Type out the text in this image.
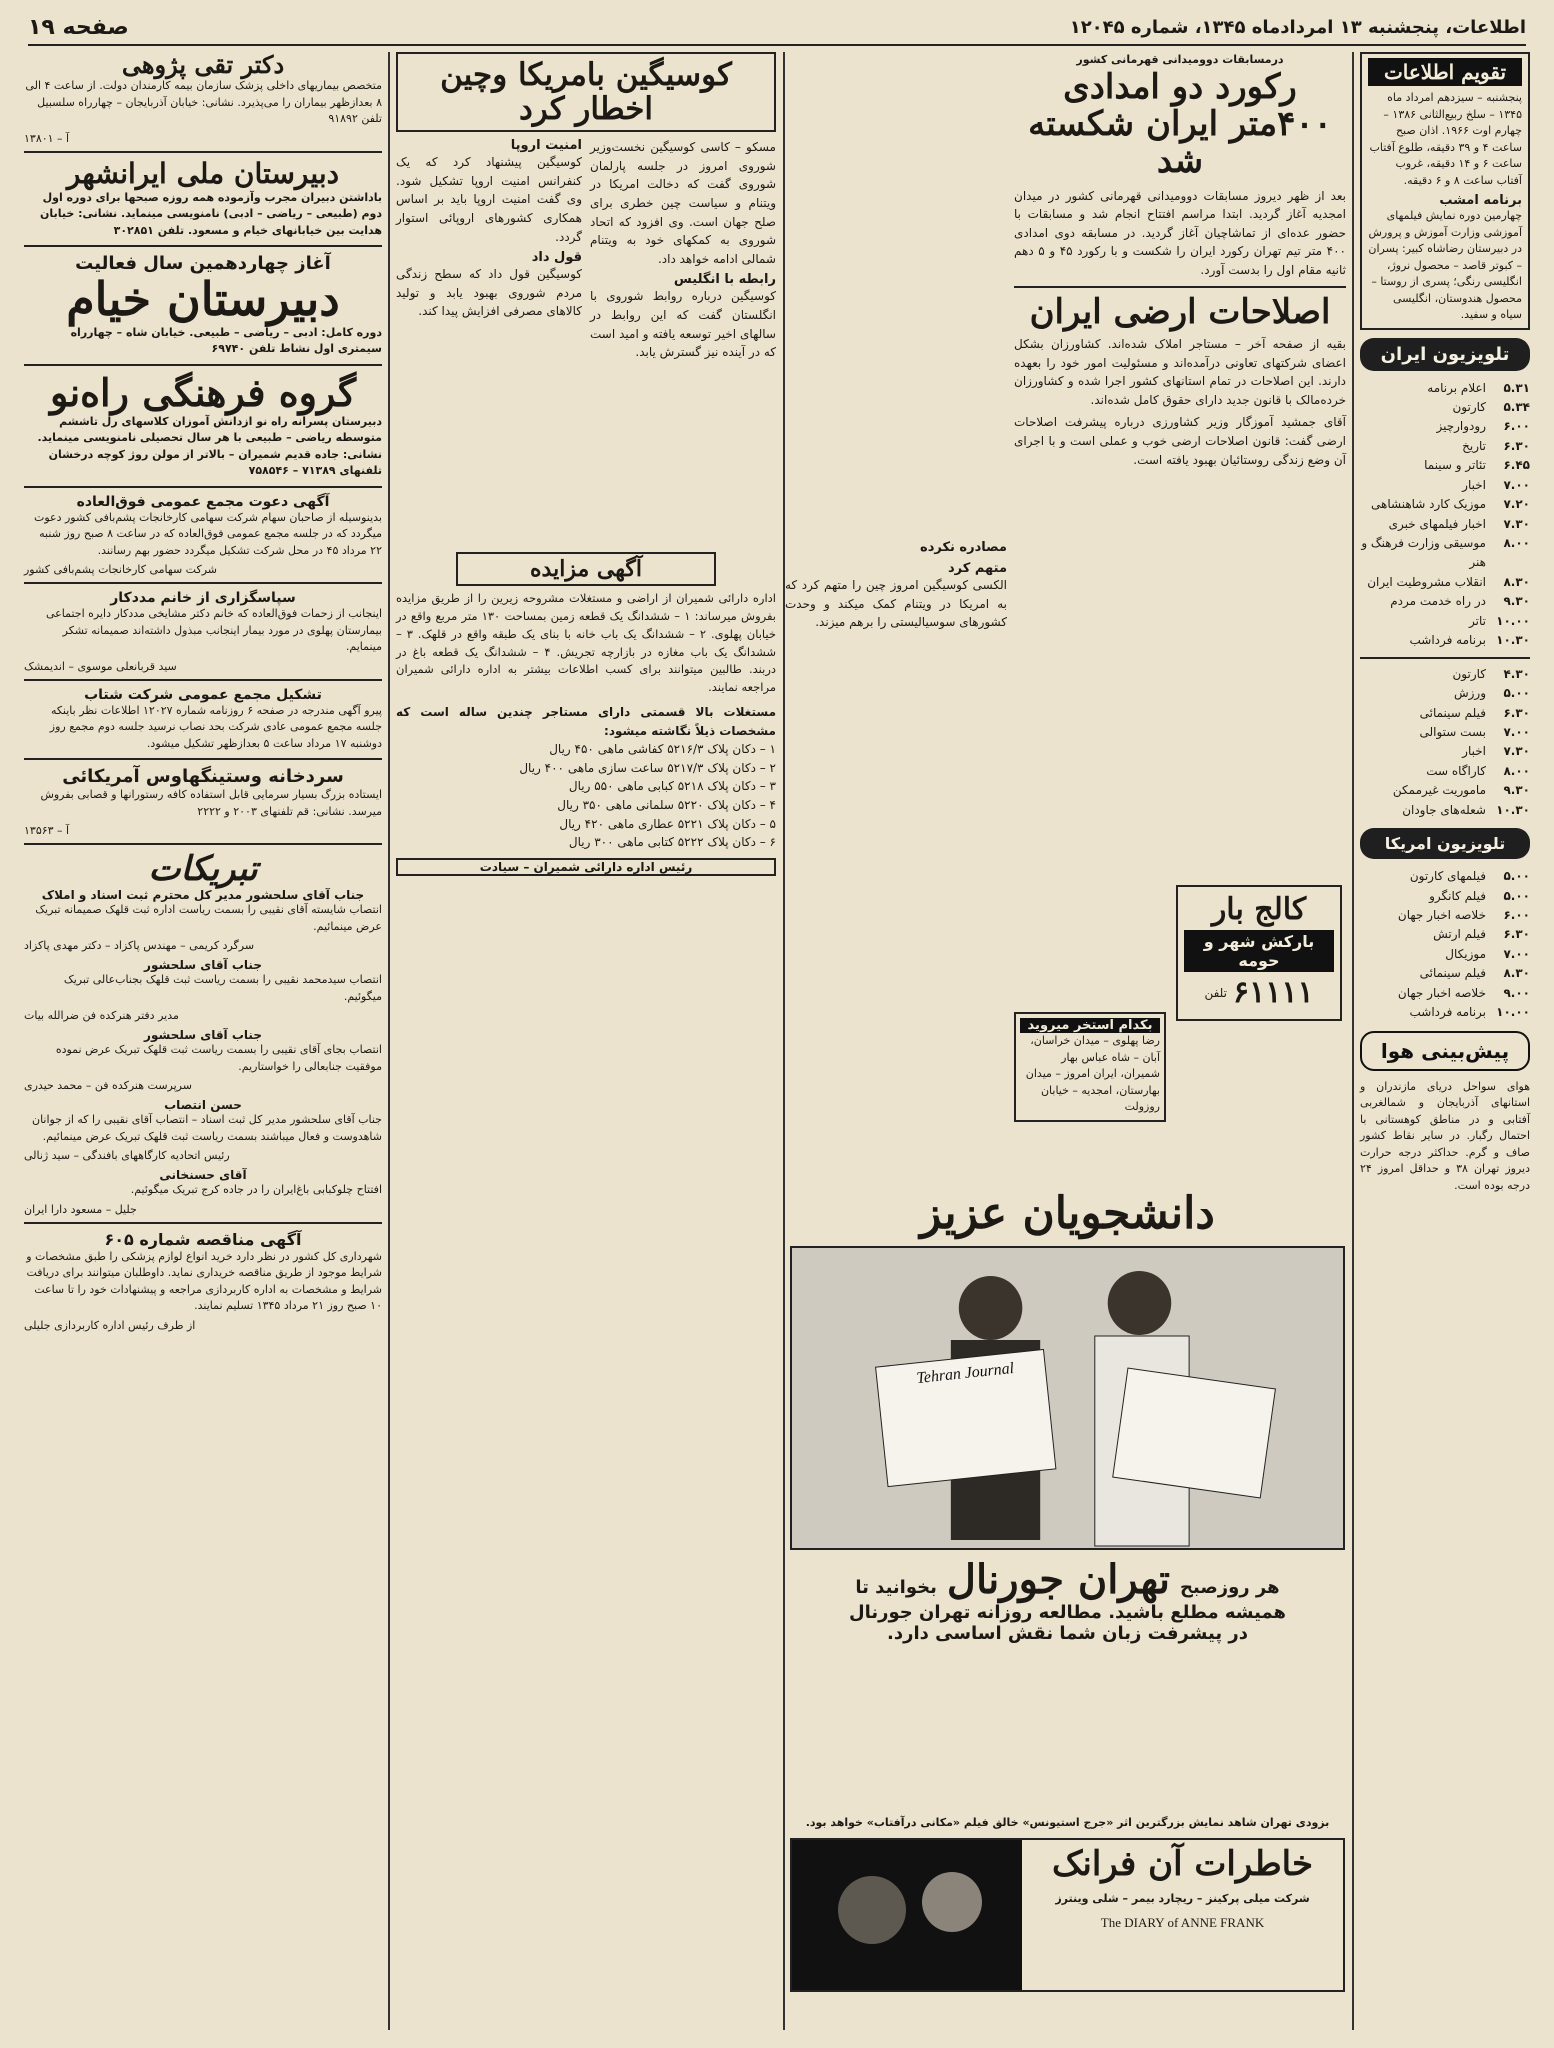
اطلاعات، پنجشنبه ۱۳ امردادماه ۱۳۴۵، شماره ۱۲۰۴۵
صفحه ۱۹
تقویم اطلاعات
پنجشنبه – سیزدهم امرداد ماه ۱۳۴۵ – سلخ ربیع‌الثانی ۱۳۸۶ – چهارم اوت ۱۹۶۶. اذان صبح ساعت ۴ و ۳۹ دقیقه، طلوع آفتاب ساعت ۶ و ۱۴ دقیقه، غروب آفتاب ساعت ۸ و ۶ دقیقه.
برنامه امشب
چهارمین دوره نمایش فیلمهای آموزشی وزارت آموزش و پرورش در دبیرستان رضاشاه کبیر: پسران – کبوتر قاصد – محصول نروژ، انگلیسی رنگی؛ پسری از روستا – محصول هندوستان، انگلیسی سیاه و سفید.
تلویزیون ایران
۵.۳۱
اعلام برنامه
۵.۳۴
کارتون
۶.۰۰
رودوارچیز
۶.۳۰
تاریخ
۶.۴۵
تئاتر و سینما
۷.۰۰
اخبار
۷.۲۰
موزیک کارد شاهنشاهی
۷.۳۰
اخبار فیلمهای خبری
۸.۰۰
موسیقی وزارت فرهنگ و هنر
۸.۳۰
انقلاب مشروطیت ایران
۹.۳۰
در راه خدمت مردم
۱۰.۰۰
تاتر
۱۰.۳۰
برنامه فرداشب
۴.۳۰
کارتون
۵.۰۰
ورزش
۶.۳۰
فیلم سینمائی
۷.۰۰
بست ستوالی
۷.۳۰
اخبار
۸.۰۰
کاراگاه ست
۹.۳۰
ماموریت غیرممکن
۱۰.۳۰
شعله‌های جاودان
تلویزیون امریکا
۵.۰۰
فیلمهای کارتون
۵.۰۰
فیلم کانگرو
۶.۰۰
خلاصه اخبار جهان
۶.۳۰
فیلم ارتش
۷.۰۰
موزیکال
۸.۳۰
فیلم سینمائی
۹.۰۰
خلاصه اخبار جهان
۱۰.۰۰
برنامه فرداشب
پیش‌بینی هوا
هوای سواحل دریای مازندران و استانهای آذربایجان و شمالغربی آفتابی و در مناطق کوهستانی با احتمال رگبار. در سایر نقاط کشور صاف و گرم. حداکثر درجه حرارت دیروز تهران ۳۸ و حداقل امروز ۲۴ درجه بوده است.
درمسابقات دوومیدانی قهرمانی کشور
رکورد دو امدادی
۴۰۰متر ایران شکسته شد
بعد از ظهر دیروز مسابقات دوومیدانی قهرمانی کشور در میدان امجدیه آغاز گردید. ابتدا مراسم افتتاح انجام شد و مسابقات با حضور عده‌ای از تماشاچیان آغاز گردید. در مسابقه دوی امدادی ۴۰۰ متر تیم تهران رکورد ایران را شکست و با رکورد ۴۵ و ۵ دهم ثانیه مقام اول را بدست آورد.
اصلاحات ارضی ایران
بقیه از صفحه آخر – مستاجر املاک شده‌اند. کشاورزان بشکل اعضای شرکتهای تعاونی درآمده‌اند و مسئولیت امور خود را بعهده دارند. این اصلاحات در تمام استانهای کشور اجرا شده و کشاورزان خرده‌مالک با قانون جدید دارای حقوق کامل شده‌اند.
آقای جمشید آموزگار وزیر کشاورزی درباره پیشرفت اصلاحات ارضی گفت: قانون اصلاحات ارضی خوب و عملی است و با اجرای آن وضع زندگی روستائیان بهبود یافته است.
کالج بار
بارکش شهر و حومه
۶۱۱۱۱
تلفن
بکدام استخر میروید
رضا پهلوی – میدان خراسان، آبان – شاه عباس بهار شمیران، ایران امروز – میدان بهارستان، امجدیه – خیابان روزولت
کوسیگین بامریکا وچین اخطار کرد
مسکو – کاسی کوسیگین نخست‌وزیر شوروی امروز در جلسه پارلمان شوروی گفت که دخالت امریکا در ویتنام و سیاست چین خطری برای صلح جهان است. وی افزود که اتحاد شوروی به کمکهای خود به ویتنام شمالی ادامه خواهد داد.
رابطه با انگلیس
کوسیگین درباره روابط شوروی با انگلستان گفت که این روابط در سالهای اخیر توسعه یافته و امید است که در آینده نیز گسترش یابد.
امنیت اروپا
کوسیگین پیشنهاد کرد که یک کنفرانس امنیت اروپا تشکیل شود. وی گفت امنیت اروپا باید بر اساس همکاری کشورهای اروپائی استوار گردد.
قول داد
کوسیگین قول داد که سطح زندگی مردم شوروی بهبود یابد و تولید کالاهای مصرفی افزایش پیدا کند.
مصادره نکرده
متهم کرد
الکسی کوسیگین امروز چین را متهم کرد که به امریکا در ویتنام کمک میکند و وحدت کشورهای سوسیالیستی را برهم میزند.
آگهی مزایده
اداره دارائی شمیران از اراضی و مستغلات مشروحه زیرین را از طریق مزایده بفروش میرساند: ۱ – ششدانگ یک قطعه زمین بمساحت ۱۳۰ متر مربع واقع در خیابان پهلوی. ۲ – ششدانگ یک باب خانه با بنای یک طبقه واقع در قلهک. ۳ – ششدانگ یک باب مغازه در بازارچه تجریش. ۴ – ششدانگ یک قطعه باغ در دربند. طالبین میتوانند برای کسب اطلاعات بیشتر به اداره دارائی شمیران مراجعه نمایند.
مستغلات بالا قسمتی دارای مستاجر چندین ساله است که مشخصات ذیلاً نگاشته میشود:
۱ – دکان پلاک ۵۲۱۶/۳ کفاشی ماهی ۴۵۰ ریال
۲ – دکان پلاک ۵۲۱۷/۳ ساعت سازی ماهی ۴۰۰ ریال
۳ – دکان پلاک ۵۲۱۸ کبابی ماهی ۵۵۰ ریال
۴ – دکان پلاک ۵۲۲۰ سلمانی ماهی ۳۵۰ ریال
۵ – دکان پلاک ۵۲۲۱ عطاری ماهی ۴۲۰ ریال
۶ – دکان پلاک ۵۲۲۲ کتابی ماهی ۳۰۰ ریال
رئیس اداره دارائی شمیران – سیادت
دانشجویان عزیز
Tehran Journal
هر روزصبح
تهران جورنال
بخوانید تا
همیشه مطلع باشید. مطالعه روزانه تهران جورنال
در پیشرفت زبان شما نقش اساسی دارد.
بزودی تهران شاهد نمایش بزرگترین اثر «جرج استیونس» خالق فیلم «مکانی درآفتاب» خواهد بود.
خاطرات آن فرانک
شرکت میلی پرکینز – ریچارد بیمر – شلی وینترز
The DIARY of ANNE FRANK
دکتر تقی پژوهی
متخصص بیماریهای داخلی پزشک سازمان بیمه کارمندان دولت. از ساعت ۴ الی ۸ بعدازظهر بیماران را می‌پذیرد. نشانی: خیابان آذربایجان – چهارراه سلسبیل تلفن ۹۱۸۹۲
آ – ۱۳۸۰۱
دبیرستان ملی ایرانشهر
باداشتن دبیران مجرب وآزموده همه روزه صبحها برای دوره اول دوم (طبیعی – ریاضی – ادبی) نامنویسی مینماید. نشانی: خیابان هدایت بین خیابانهای خیام و مسعود. تلفن ۳۰۲۸۵۱
آغاز چهاردهمین سال فعالیت
دبیرستان خیام
دوره کامل: ادبی – ریاضی – طبیعی. خیابان شاه – چهارراه سیمتری اول نشاط تلفن ۶۹۷۴۰
گروه فرهنگی راه‌نو
دبیرستان پسرانه راه نو ازدانش آموزان کلاسهای رل تاششم متوسطه ریاضی – طبیعی با هر سال تحصیلی نامنویسی مینماید. نشانی: جاده قدیم شمیران – بالاتر از مولن روژ کوچه درخشان تلفنهای ۷۱۳۸۹ – ۷۵۸۵۴۶
آگهی دعوت مجمع عمومی فوق‌العاده
بدینوسیله از صاحبان سهام شرکت سهامی کارخانجات پشم‌بافی کشور دعوت میگردد که در جلسه مجمع عمومی فوق‌العاده که در ساعت ۸ صبح روز شنبه ۲۲ مرداد ۴۵ در محل شرکت تشکیل میگردد حضور بهم رسانند.
شرکت سهامی کارخانجات پشم‌بافی کشور
سپاسگزاری از خانم مددکار
اینجانب از زحمات فوق‌العاده که خانم دکتر مشایخی مددکار دایره اجتماعی بیمارستان پهلوی در مورد بیمار اینجانب مبذول داشته‌اند صمیمانه تشکر مینمایم.
سید قربانعلی موسوی – اندیمشک
تشکیل مجمع عمومی شرکت شتاب
پیرو آگهی مندرجه در صفحه ۶ روزنامه شماره ۱۲۰۲۷ اطلاعات نظر باینکه جلسه مجمع عمومی عادی شرکت بحد نصاب نرسید جلسه دوم مجمع روز دوشنبه ۱۷ مرداد ساعت ۵ بعدازظهر تشکیل میشود.
سردخانه وستینگهاوس آمریکائی
ایستاده بزرگ بسیار سرمایی قابل استفاده کافه رستورانها و قصابی بفروش میرسد. نشانی: قم تلفنهای ۲۰۰۳ و ۲۲۲۲
آ – ۱۳۵۶۳
تبریکات
جناب آقای سلحشور مدیر کل محترم ثبت اسناد و املاک
انتصاب شایسته آقای نقیبی را بسمت ریاست اداره ثبت قلهک صمیمانه تبریک عرض مینمائیم.
سرگرد کریمی – مهندس پاکزاد – دکتر مهدی پاکزاد
جناب آقای سلحشور
انتصاب سیدمحمد نقیبی را بسمت ریاست ثبت قلهک بجناب‌عالی تبریک میگوئیم.
مدیر دفتر هنرکده فن ضرالله بیات
جناب آقای سلحشور
انتصاب بجای آقای نقیبی را بسمت ریاست ثبت قلهک تبریک عرض نموده موفقیت جنابعالی را خواستاریم.
سرپرست هنرکده فن – محمد حیدری
حسن انتصاب
جناب آقای سلحشور مدیر کل ثبت اسناد – انتصاب آقای نقیبی را که از جوانان شاهدوست و فعال میباشند بسمت ریاست ثبت قلهک تبریک عرض مینمائیم.
رئیس اتحادیه کارگاههای بافندگی – سید ژنالی
آقای حسنخانی
افتتاح چلوکبابی باغ‌ایران را در جاده کرج تبریک میگوئیم.
جلیل – مسعود دارا ایران
آگهی مناقصه شماره ۶۰۵
شهرداری کل کشور در نظر دارد خرید انواع لوازم پزشکی را طبق مشخصات و شرایط موجود از طریق مناقصه خریداری نماید. داوطلبان میتوانند برای دریافت شرایط و مشخصات به اداره کاربردازی مراجعه و پیشنهادات خود را تا ساعت ۱۰ صبح روز ۲۱ مرداد ۱۳۴۵ تسلیم نمایند.
از طرف رئیس اداره کاربردازی جلیلی
